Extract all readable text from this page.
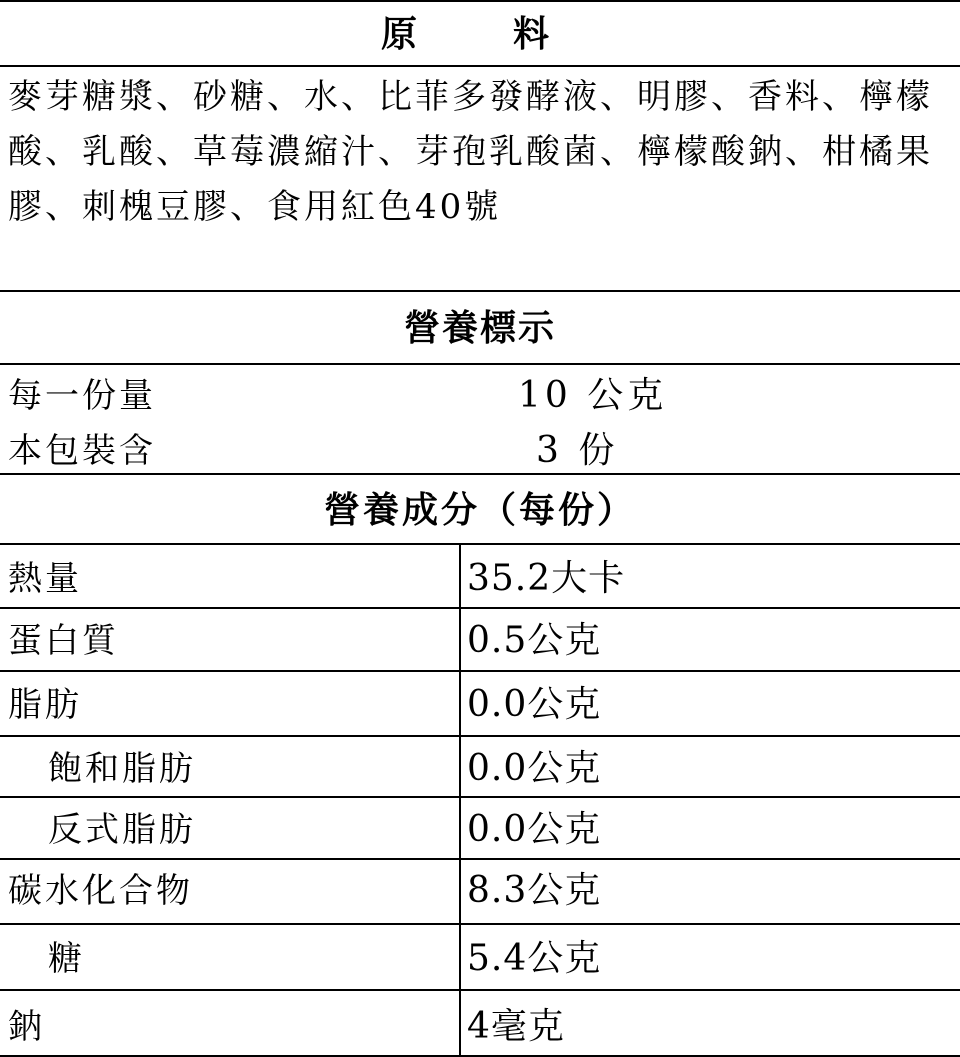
原　料
麥芽糖漿、砂糖、水、比菲多發酵液、明膠、香料、檸檬酸、乳酸、草莓濃縮汁、芽孢乳酸菌、檸檬酸鈉、柑橘果膠、刺槐豆膠、食用紅色40號
營養標示
每一份量	10 公克
本包裝含	3 份
營養成分（每份）
熱量	35.2大卡
蛋白質	0.5公克
脂肪	0.0公克
飽和脂肪	0.0公克
反式脂肪	0.0公克
碳水化合物	8.3公克
糖	5.4公克
鈉	4毫克
